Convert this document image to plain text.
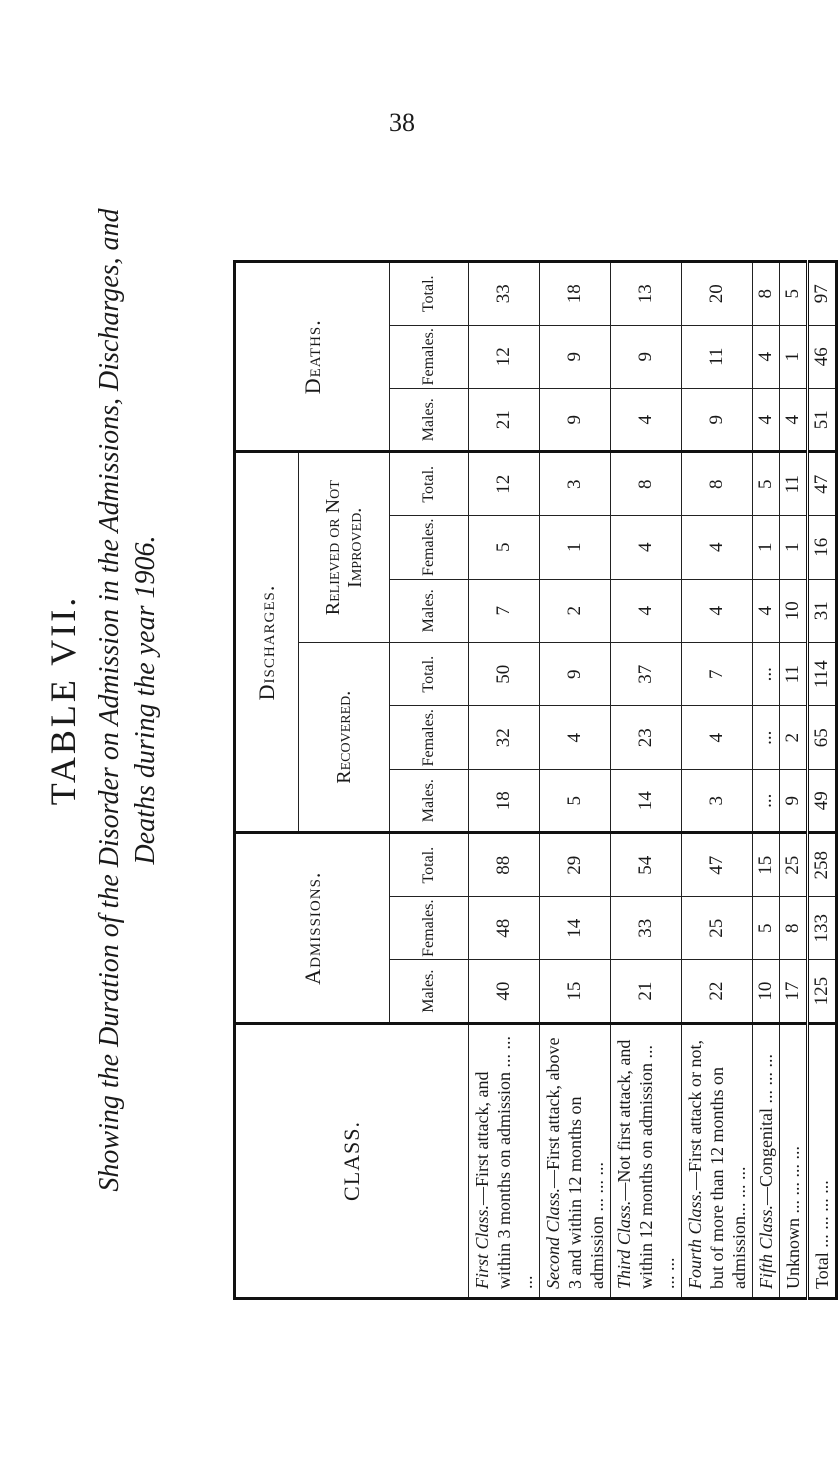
38

TABLE VII. Showing the Duration of the Disorder on Admission in the Admissions, Discharges, and Deaths during the year 1906.

CLASS.	Admissions.			Discharges.						Deaths.		
				Recovered.			Relieved or Not Improved.					
	Males.	Females.	Total.	Males.	Females.	Total.	Males.	Females.	Total.	Males.	Females.	Total.
First Class.—First attack, and within 3 months on admission ... ... ...	40	48	88	18	32	50	7	5	12	21	12	33
Second Class.—First attack, above 3 and within 12 months on admission ... ... ...	15	14	29	5	4	9	2	1	3	9	9	18
Third Class.—Not first attack, and within 12 months on admission ... ... ...	21	33	54	14	23	37	4	4	8	4	9	13
Fourth Class.—First attack or not, but of more than 12 months on admission... ... ...	22	25	47	3	4	7	4	4	8	9	11	20
Fifth Class.—Congenital ... ... ...	10	5	15	...	...	...	4	1	5	4	4	8
Unknown ... ... ... ...	17	8	25	9	2	11	10	1	11	4	1	5
Total ... ... ... ...	125	133	258	49	65	114	31	16	47	51	46	97
